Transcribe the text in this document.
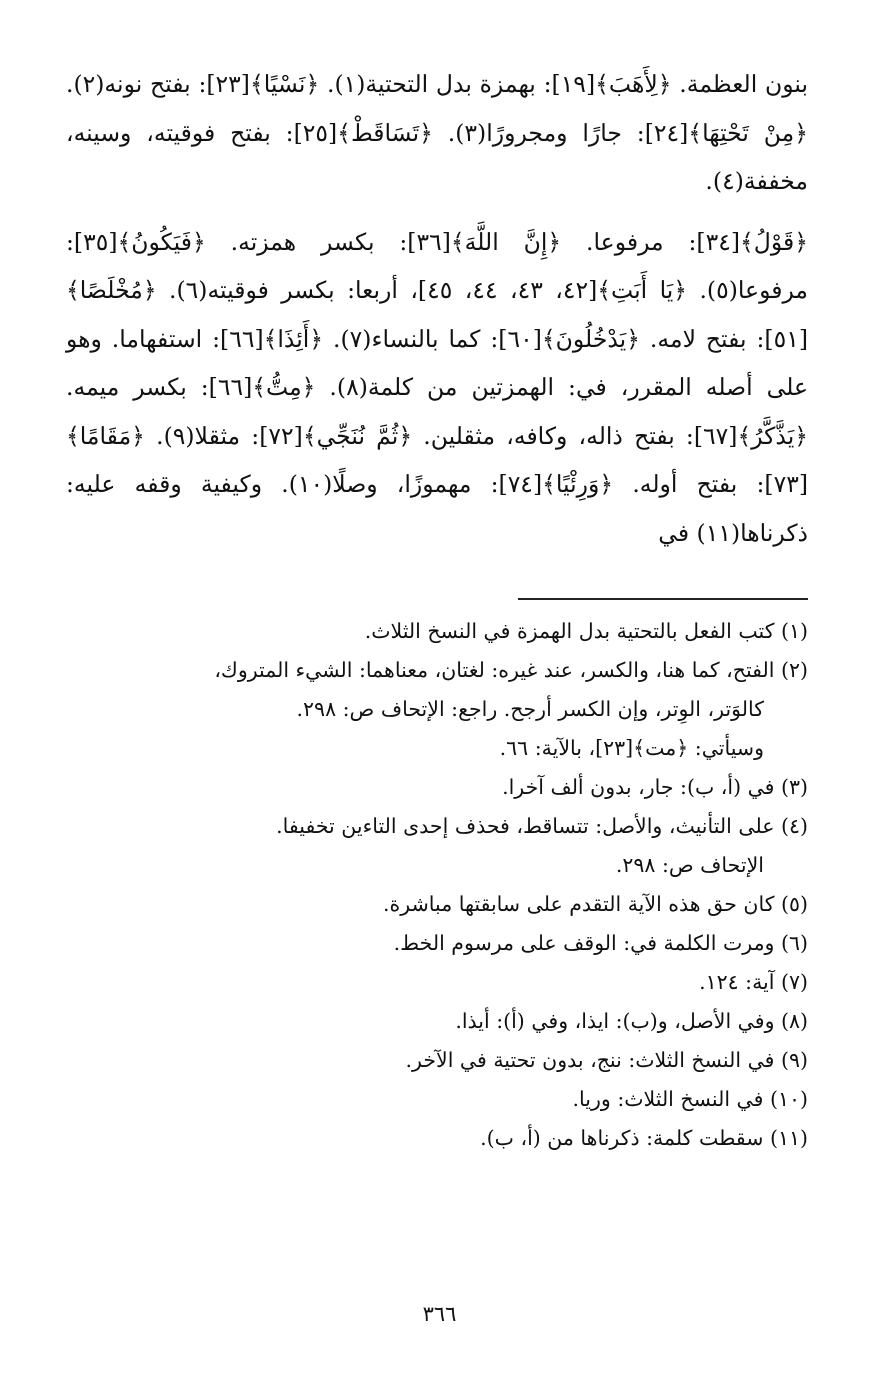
بنون العظمة. ﴿لِأَهَبَ﴾[١٩]: بهمزة بدل التحتية(١). ﴿نَسْيًا﴾[٢٣]: بفتح نونه(٢). ﴿مِنْ تَحْتِهَا﴾[٢٤]: جارًا ومجرورًا(٣). ﴿تَسَاقَطْ﴾[٢٥]: بفتح فوقيته، وسينه، مخففة(٤).

﴿قَوْلُ﴾[٣٤]: مرفوعا. ﴿إِنَّ اللَّهَ﴾[٣٦]: بكسر همزته. ﴿فَيَكُونُ﴾[٣٥]: مرفوعا(٥). ﴿يَا أَبَتِ﴾[٤٢، ٤٣، ٤٤، ٤٥]، أربعا: بكسر فوقيته(٦). ﴿مُخْلَصًا﴾[٥١]: بفتح لامه. ﴿يَدْخُلُونَ﴾[٦٠]: كما بالنساء(٧). ﴿أَئِذَا﴾[٦٦]: استفهاما. وهو على أصله المقرر، في: الهمزتين من كلمة(٨). ﴿مِتُّ﴾[٦٦]: بكسر ميمه. ﴿يَذَّكَّرُ﴾[٦٧]: بفتح ذاله، وكافه، مثقلين. ﴿ثُمَّ نُنَجِّي﴾[٧٢]: مثقلا(٩). ﴿مَقَامًا﴾[٧٣]: بفتح أوله. ﴿وَرِئْيًا﴾[٧٤]: مهموزًا، وصلًا(١٠). وكيفية وقفه عليه: ذكرناها(١١) في

(١) كتب الفعل بالتحتية بدل الهمزة في النسخ الثلاث.

(٢) الفتح، كما هنا، والكسر، عند غيره: لغتان، معناهما: الشيء المتروك،

كالوَتر، الوِتر، وإن الكسر أرجح. راجع: الإتحاف ص: ٢٩٨.

وسيأتي: ﴿مت﴾[٢٣]، بالآية: ٦٦.

(٣) في (أ، ب): جار، بدون ألف آخرا.

(٤) على التأنيث، والأصل: تتساقط، فحذف إحدى التاءين تخفيفا.

الإتحاف ص: ٢٩٨.

(٥) كان حق هذه الآية التقدم على سابقتها مباشرة.

(٦) ومرت الكلمة في: الوقف على مرسوم الخط.

(٧) آية: ١٢٤.

(٨) وفي الأصل، و(ب): ايذا، وفي (أ): أيذا.

(٩) في النسخ الثلاث: ننج، بدون تحتية في الآخر.

(١٠) في النسخ الثلاث: وريا.

(١١) سقطت كلمة: ذكرناها من (أ، ب).

٣٦٦
